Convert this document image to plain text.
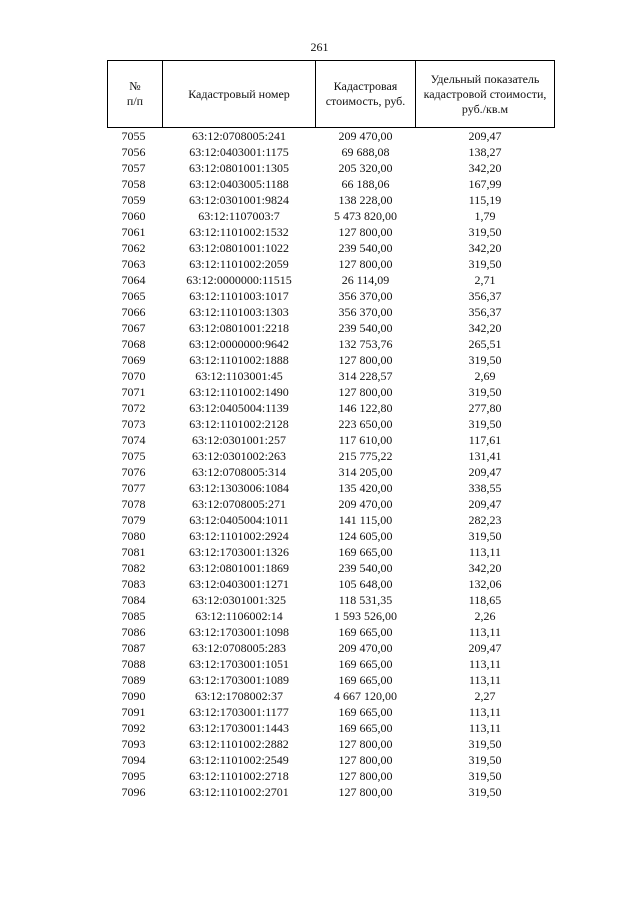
261
№
п/п	Кадастровый номер	Кадастровая стоимость, руб.	Удельный показатель кадастровой стоимости, руб./кв.м
7055	63:12:0708005:241	209 470,00	209,47
7056	63:12:0403001:1175	69 688,08	138,27
7057	63:12:0801001:1305	205 320,00	342,20
7058	63:12:0403005:1188	66 188,06	167,99
7059	63:12:0301001:9824	138 228,00	115,19
7060	63:12:1107003:7	5 473 820,00	1,79
7061	63:12:1101002:1532	127 800,00	319,50
7062	63:12:0801001:1022	239 540,00	342,20
7063	63:12:1101002:2059	127 800,00	319,50
7064	63:12:0000000:11515	26 114,09	2,71
7065	63:12:1101003:1017	356 370,00	356,37
7066	63:12:1101003:1303	356 370,00	356,37
7067	63:12:0801001:2218	239 540,00	342,20
7068	63:12:0000000:9642	132 753,76	265,51
7069	63:12:1101002:1888	127 800,00	319,50
7070	63:12:1103001:45	314 228,57	2,69
7071	63:12:1101002:1490	127 800,00	319,50
7072	63:12:0405004:1139	146 122,80	277,80
7073	63:12:1101002:2128	223 650,00	319,50
7074	63:12:0301001:257	117 610,00	117,61
7075	63:12:0301002:263	215 775,22	131,41
7076	63:12:0708005:314	314 205,00	209,47
7077	63:12:1303006:1084	135 420,00	338,55
7078	63:12:0708005:271	209 470,00	209,47
7079	63:12:0405004:1011	141 115,00	282,23
7080	63:12:1101002:2924	124 605,00	319,50
7081	63:12:1703001:1326	169 665,00	113,11
7082	63:12:0801001:1869	239 540,00	342,20
7083	63:12:0403001:1271	105 648,00	132,06
7084	63:12:0301001:325	118 531,35	118,65
7085	63:12:1106002:14	1 593 526,00	2,26
7086	63:12:1703001:1098	169 665,00	113,11
7087	63:12:0708005:283	209 470,00	209,47
7088	63:12:1703001:1051	169 665,00	113,11
7089	63:12:1703001:1089	169 665,00	113,11
7090	63:12:1708002:37	4 667 120,00	2,27
7091	63:12:1703001:1177	169 665,00	113,11
7092	63:12:1703001:1443	169 665,00	113,11
7093	63:12:1101002:2882	127 800,00	319,50
7094	63:12:1101002:2549	127 800,00	319,50
7095	63:12:1101002:2718	127 800,00	319,50
7096	63:12:1101002:2701	127 800,00	319,50
